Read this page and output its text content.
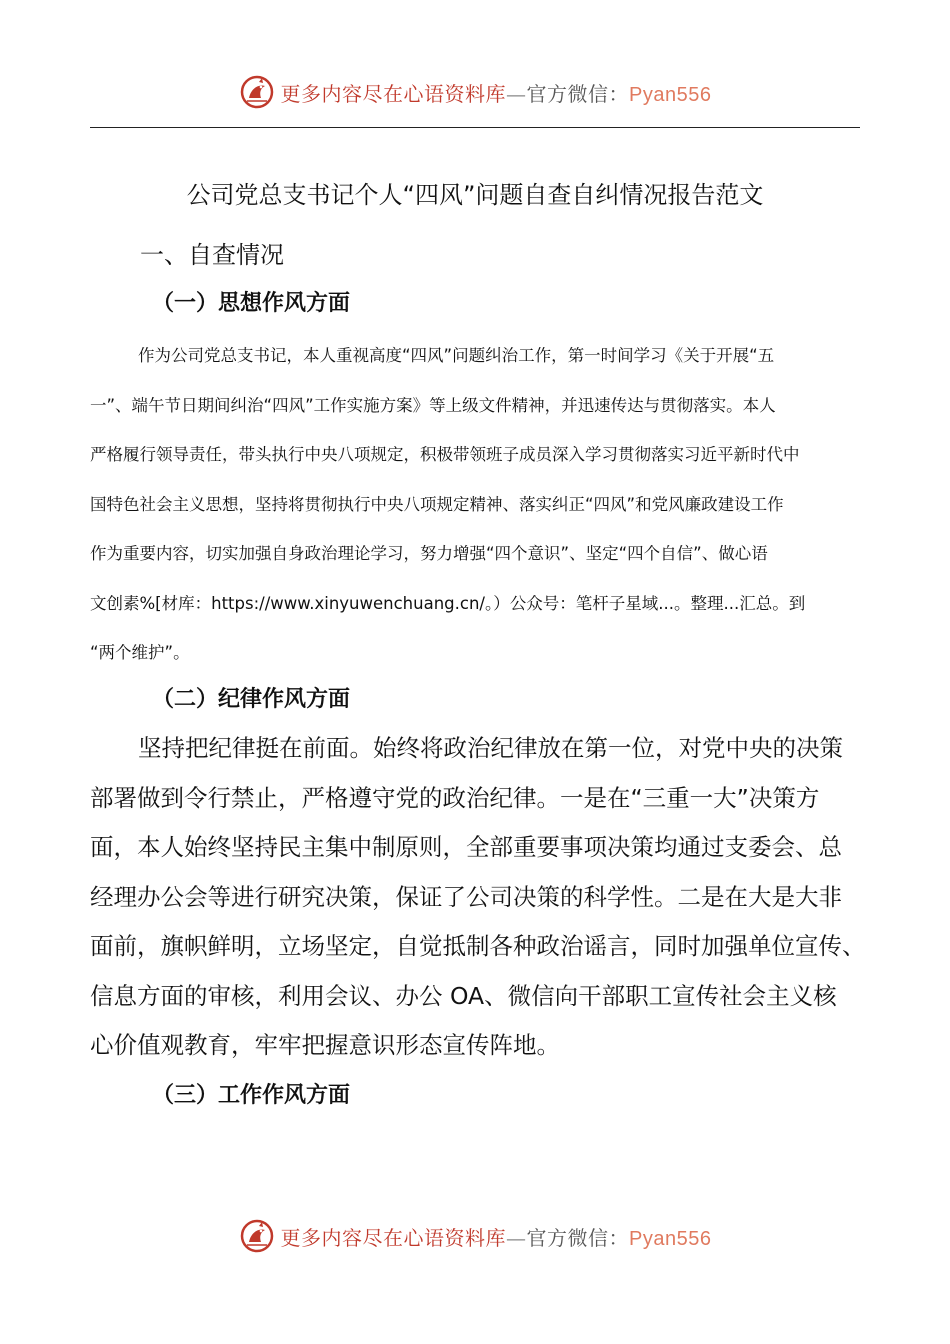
更多内容尽在心语资料库—官方微信：Pyan556
公司党总支书记个人“四风”问题自查自纠情况报告范文
一、自查情况
（一）思想作风方面
作为公司党总支书记，本人重视高度“四风”问题纠治工作，第一时间学习《关于开展“五
一”、端午节日期间纠治“四风”工作实施方案》等上级文件精神，并迅速传达与贯彻落实。本人
严格履行领导责任，带头执行中央八项规定，积极带领班子成员深入学习贯彻落实习近平新时代中
国特色社会主义思想，坚持将贯彻执行中央八项规定精神、落实纠正“四风”和党风廉政建设工作
作为重要内容，切实加强自身政治理论学习，努力增强“四个意识”、坚定“四个自信”、做心语
文创素%[材库：https://www.xinyuwenchuang.cn/。）公众号：笔杆子星域...。整理...汇总。到
“两个维护”。
（二）纪律作风方面
坚持把纪律挺在前面。始终将政治纪律放在第一位，对党中央的决策
部署做到令行禁止，严格遵守党的政治纪律。一是在“三重一大”决策方
面，本人始终坚持民主集中制原则，全部重要事项决策均通过支委会、总
经理办公会等进行研究决策，保证了公司决策的科学性。二是在大是大非
面前，旗帜鲜明，立场坚定，自觉抵制各种政治谣言，同时加强单位宣传、
信息方面的审核，利用会议、办公 OA、微信向干部职工宣传社会主义核
心价值观教育，牢牢把握意识形态宣传阵地。
（三）工作作风方面
更多内容尽在心语资料库—官方微信：Pyan556
